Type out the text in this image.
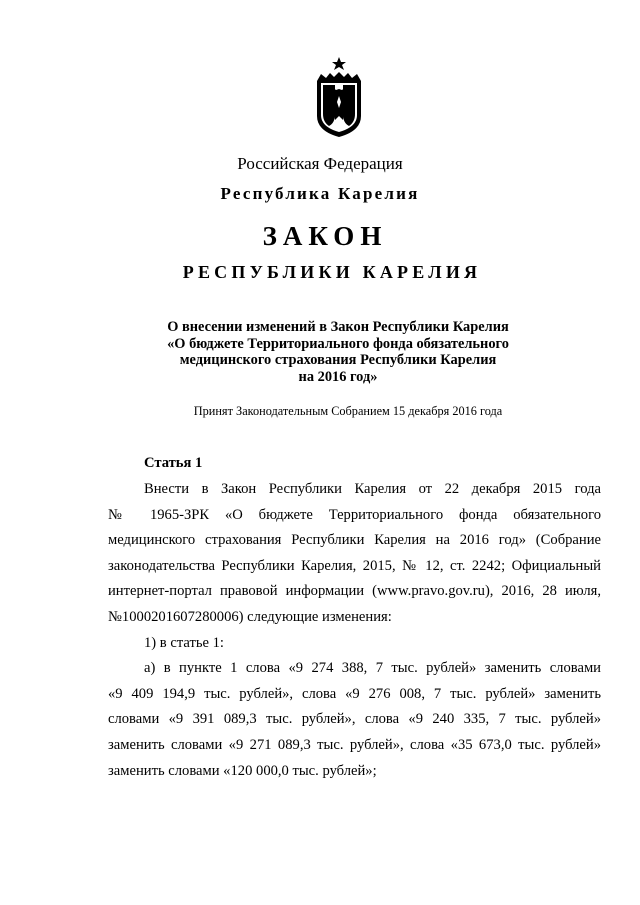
Российская Федерация
Республика Карелия
ЗАКОН
РЕСПУБЛИКИ КАРЕЛИЯ
О внесении изменений в Закон Республики Карелия
«О бюджете Территориального фонда обязательного
медицинского страхования Республики Карелия
на 2016 год»
Принят Законодательным Собранием 15 декабря 2016 года
Статья 1
Внести в Закон Республики Карелия от 22 декабря 2015 года
№ 1965-ЗРК «О бюджете Территориального фонда обязательного
медицинского страхования Республики Карелия на 2016 год» (Собрание
законодательства Республики Карелия, 2015, № 12, ст. 2242; Официальный
интернет-портал правовой информации (www.pravo.gov.ru), 2016, 28 июля,
№1000201607280006) следующие изменения:
1) в статье 1:
а) в пункте 1 слова «9 274 388, 7 тыс. рублей» заменить словами
«9 409 194,9 тыс. рублей», слова «9 276 008, 7 тыс. рублей» заменить
словами «9 391 089,3 тыс. рублей», слова «9 240 335, 7 тыс. рублей»
заменить словами «9 271 089,3 тыс. рублей», слова «35 673,0 тыс. рублей»
заменить словами «120 000,0 тыс. рублей»;
